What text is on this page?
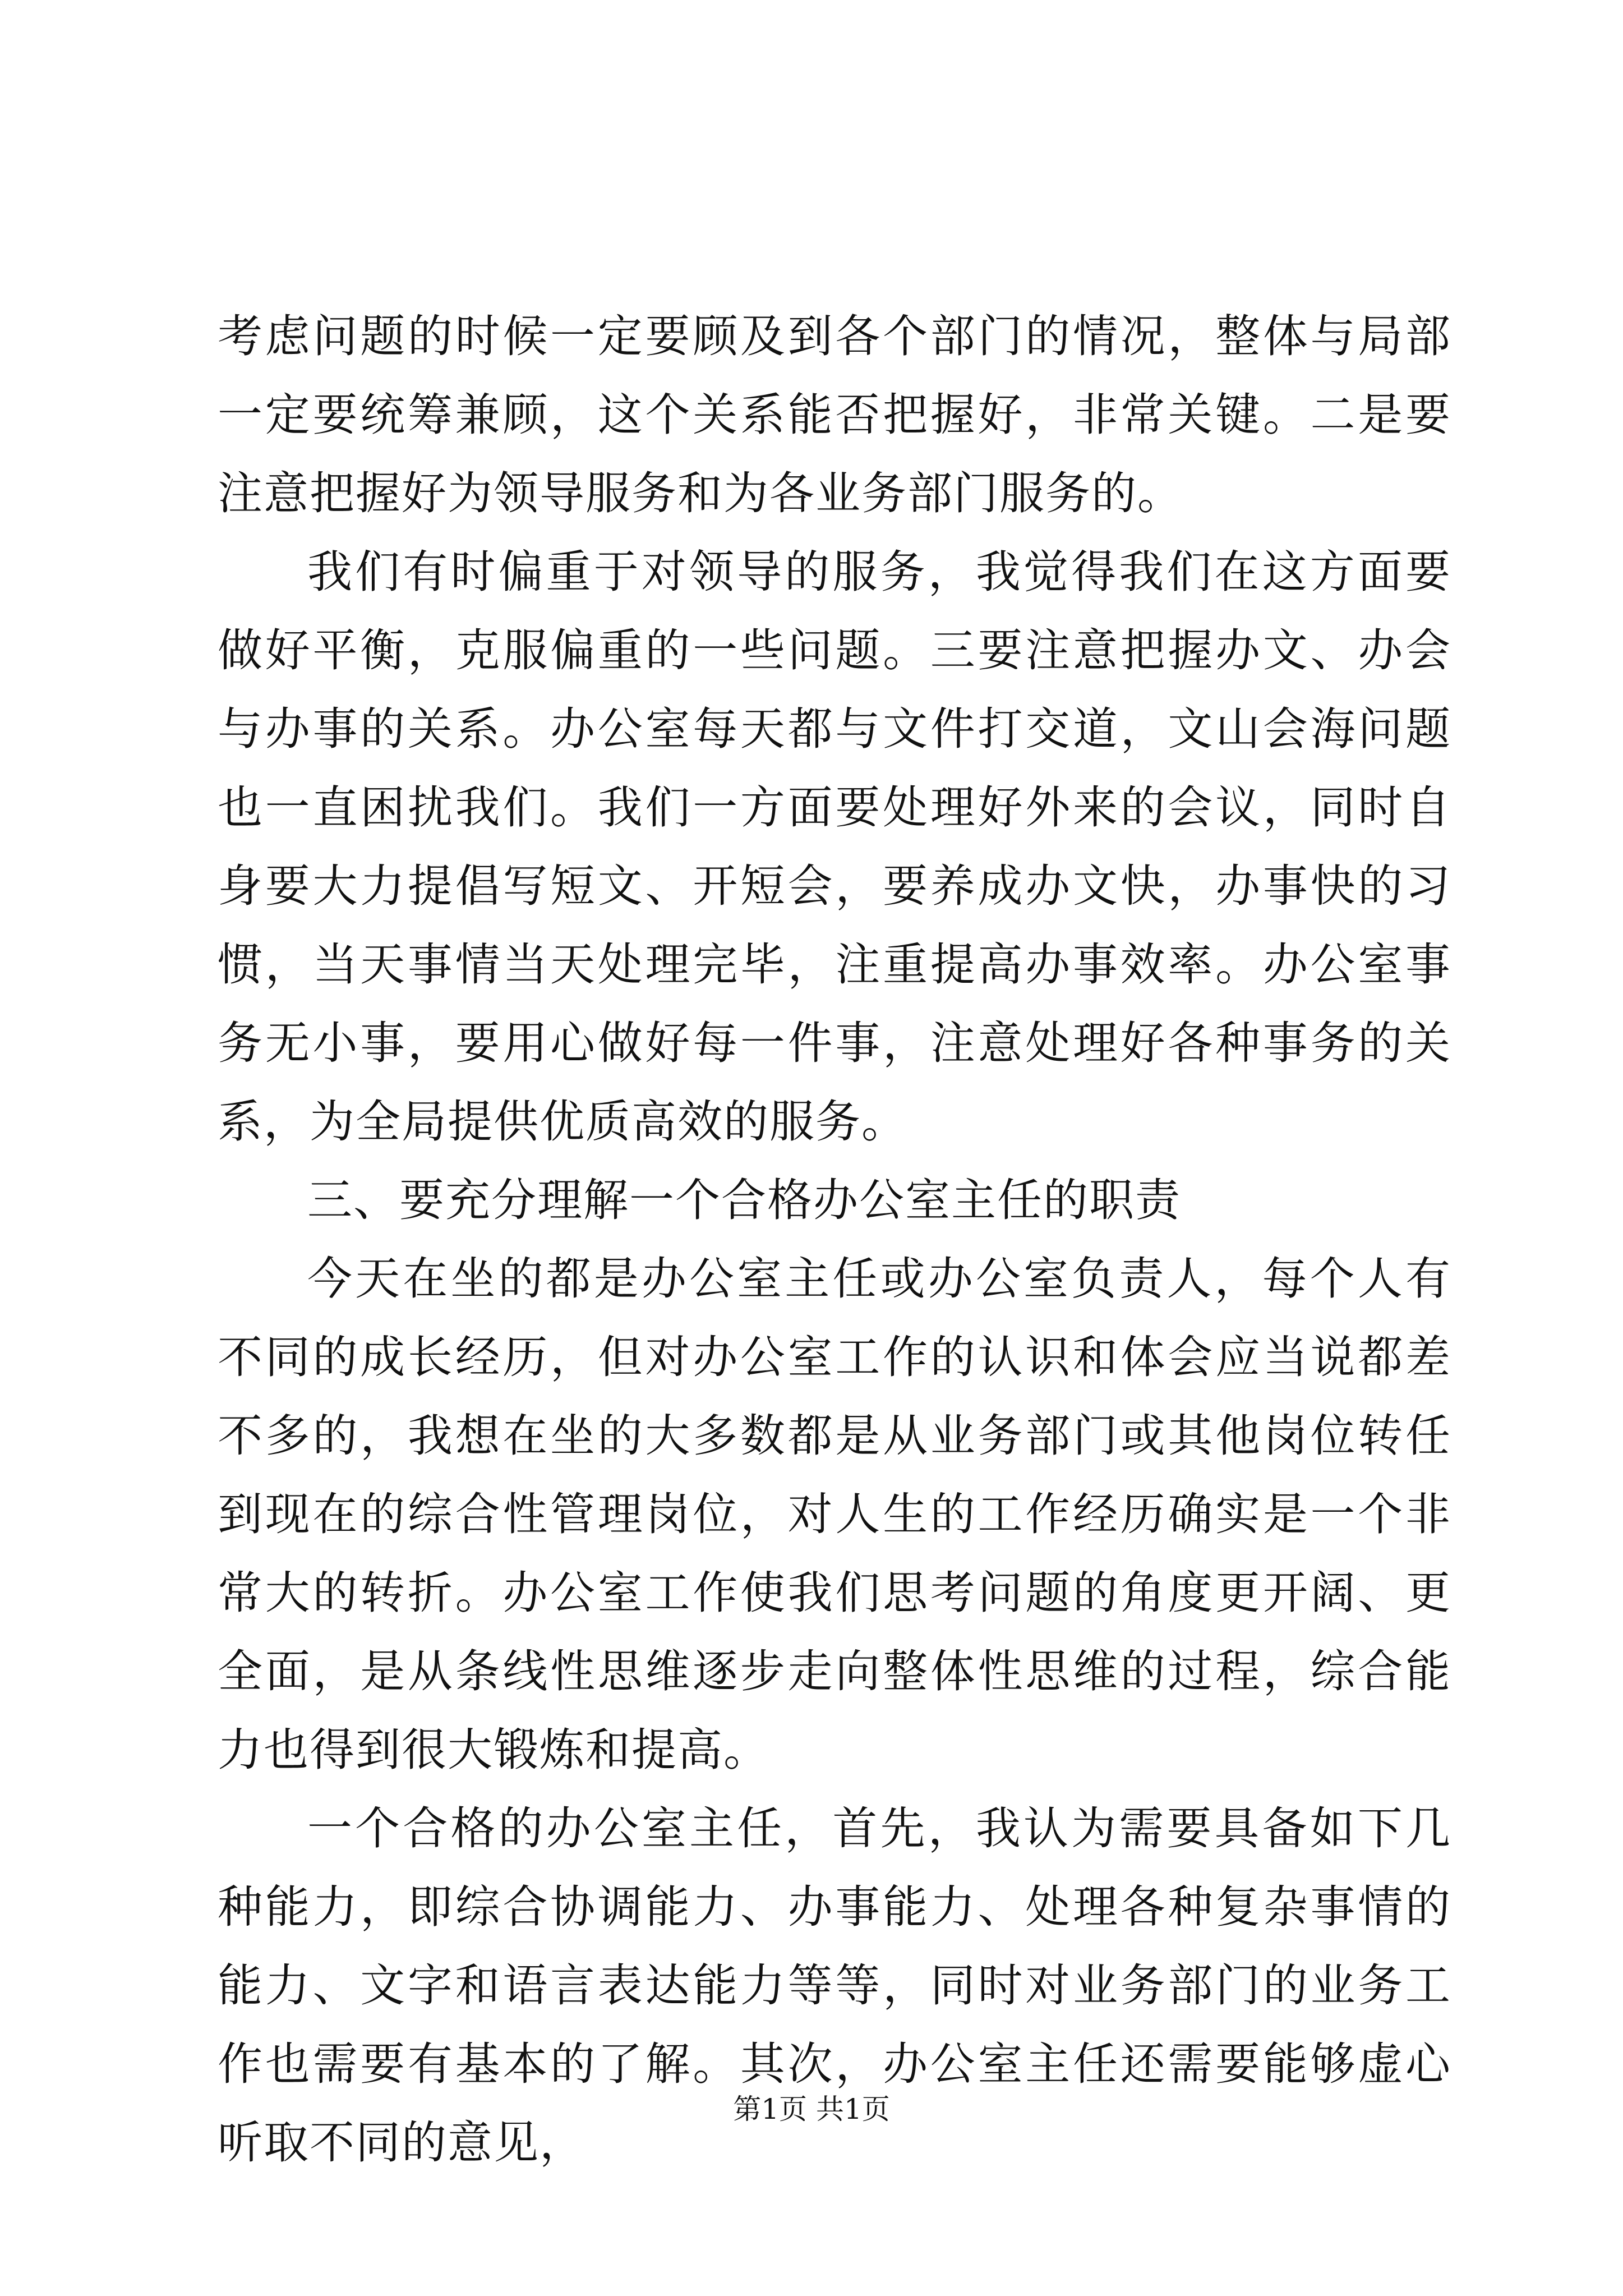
考虑问题的时候一定要顾及到各个部门的情况，整体与局部一定要统筹兼顾，这个关系能否把握好，非常关键。二是要注意把握好为领导服务和为各业务部门服务的。

我们有时偏重于对领导的服务，我觉得我们在这方面要做好平衡，克服偏重的一些问题。三要注意把握办文、办会与办事的关系。办公室每天都与文件打交道，文山会海问题也一直困扰我们。我们一方面要处理好外来的会议，同时自身要大力提倡写短文、开短会，要养成办文快，办事快的习惯，当天事情当天处理完毕，注重提高办事效率。办公室事务无小事，要用心做好每一件事，注意处理好各种事务的关系，为全局提供优质高效的服务。

三、要充分理解一个合格办公室主任的职责

今天在坐的都是办公室主任或办公室负责人，每个人有不同的成长经历，但对办公室工作的认识和体会应当说都差不多的，我想在坐的大多数都是从业务部门或其他岗位转任到现在的综合性管理岗位，对人生的工作经历确实是一个非常大的转折。办公室工作使我们思考问题的角度更开阔、更全面，是从条线性思维逐步走向整体性思维的过程，综合能力也得到很大锻炼和提高。

一个合格的办公室主任，首先，我认为需要具备如下几种能力，即综合协调能力、办事能力、处理各种复杂事情的能力、文字和语言表达能力等等，同时对业务部门的业务工作也需要有基本的了解。其次，办公室主任还需要能够虚心听取不同的意见，

第1页 共1页
